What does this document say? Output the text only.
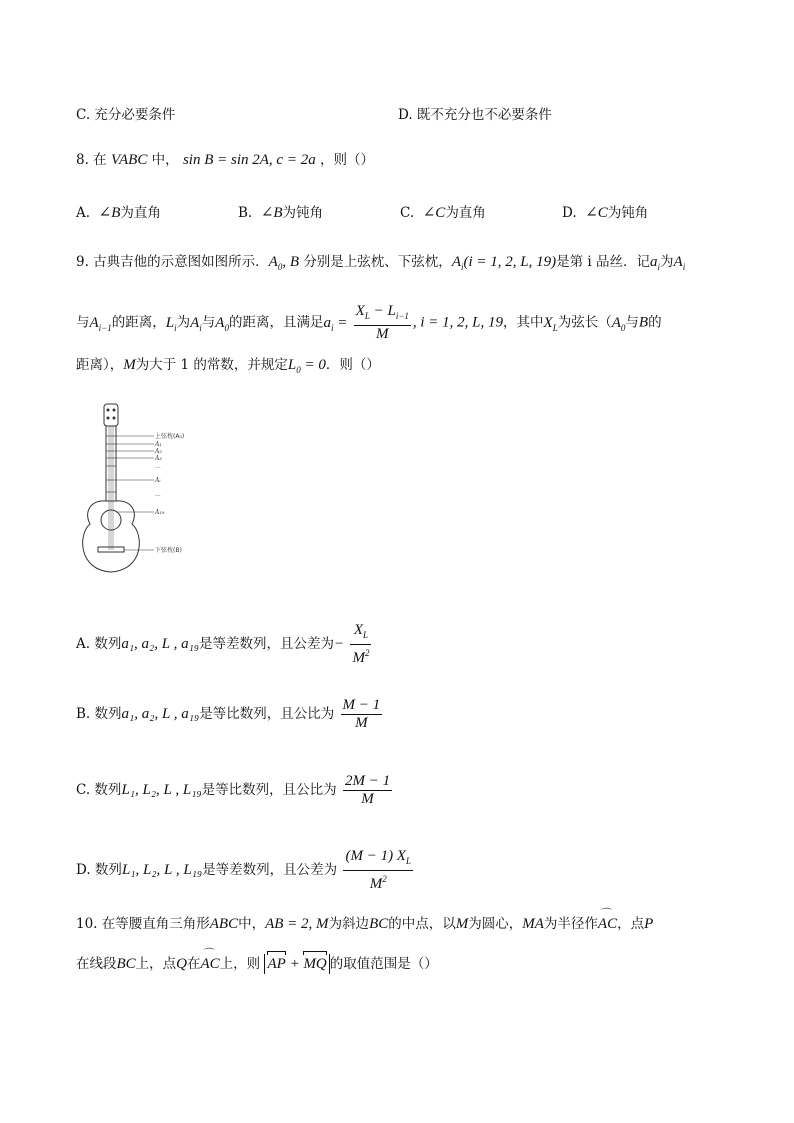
C. 充分必要条件	D. 既不充分也不必要条件
8. 在 VABC 中， sin B = sin 2A, c = 2a ，则（）
A. ∠B为直角	B. ∠B为钝角	C. ∠C为直角	D. ∠C为钝角
9. 古典吉他的示意图如图所示．$A_0$, B 分别是上弦枕、下弦枕，$A_i(i = 1$, 2, L, 19)是第 i 品丝．记$a_i$为$A_i$
与$A_{i-1}$的距离，$L_i$为$A_i$与$A_0$的距离，且满足$a_i = \frac{X_L - L_{i-1}}{M}$ , i = 1, 2, L, 19，其中$X_L$为弦长（$A_0$与B的
距离），M为大于 1 的常数，并规定$L_0 = 0$．则（）
上弦枕(A₀)
A₁
A₂
A₃
...
Aᵢ
...
A₁₉
下弦枕(B)
A. 数列a₁, a₂, L , a₁₉是等差数列，且公差为− $\frac{X_L}{M^2}$
B. 数列a₁, a₂, L , a₁₉是等比数列，且公比为 $\frac{M - 1}{M}$
C. 数列L₁, L₂, L , L₁₉是等比数列，且公比为 $\frac{2M - 1}{M}$
D. 数列L₁, L₂, L , L₁₉是等差数列，且公差为 $\frac{(M - 1) X_L}{M^2}$
10. 在等腰直角三角形ABC中，AB = 2, M为斜边BC的中点，以M为圆心，MA为半径作⌒ AC，点P
在线段BC上，点Q在⌒ AC上，则 AP + MQ 的取值范围是（）
